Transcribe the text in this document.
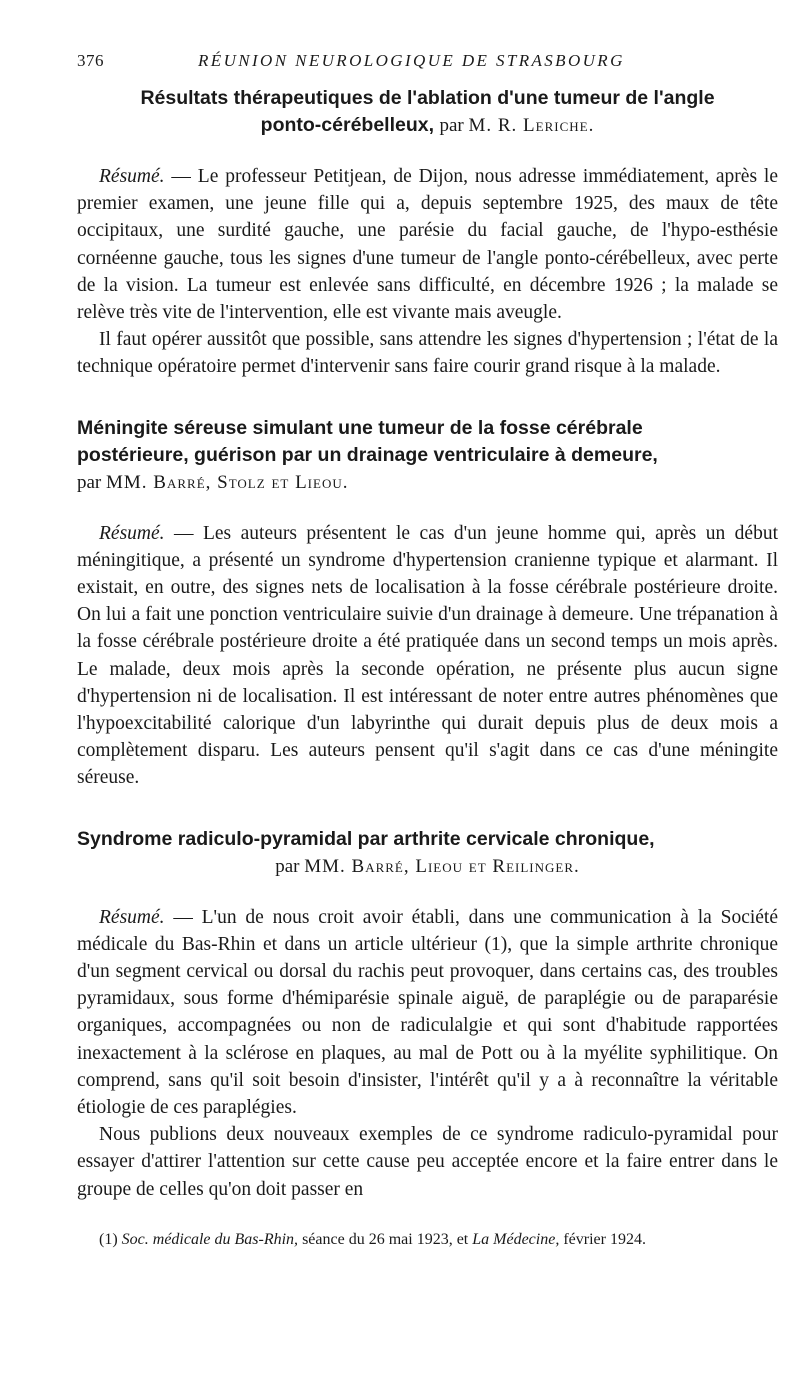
376	RÉUNION NEUROLOGIQUE DE STRASBOURG
Résultats thérapeutiques de l'ablation d'une tumeur de l'angle
ponto-cérébelleux, par M. R. Leriche.

Résumé. — Le professeur Petitjean, de Dijon, nous adresse immédiatement, après le premier examen, une jeune fille qui a, depuis septembre 1925, des maux de tête occipitaux, une surdité gauche, une parésie du facial gauche, de l'hypo-esthésie cornéenne gauche, tous les signes d'une tumeur de l'angle ponto-cérébelleux, avec perte de la vision. La tumeur est enlevée sans difficulté, en décembre 1926 ; la malade se relève très vite de l'intervention, elle est vivante mais aveugle.

Il faut opérer aussitôt que possible, sans attendre les signes d'hypertension ; l'état de la technique opératoire permet d'intervenir sans faire courir grand risque à la malade.

Méningite séreuse simulant une tumeur de la fosse cérébrale
postérieure, guérison par un drainage ventriculaire à demeure,
par MM. Barré, Stolz et Lieou.

Résumé. — Les auteurs présentent le cas d'un jeune homme qui, après un début méningitique, a présenté un syndrome d'hypertension cranienne typique et alarmant. Il existait, en outre, des signes nets de localisation à la fosse cérébrale postérieure droite. On lui a fait une ponction ventriculaire suivie d'un drainage à demeure. Une trépanation à la fosse cérébrale postérieure droite a été pratiquée dans un second temps un mois après. Le malade, deux mois après la seconde opération, ne présente plus aucun signe d'hypertension ni de localisation. Il est intéressant de noter entre autres phénomènes que l'hypoexcitabilité calorique d'un labyrinthe qui durait depuis plus de deux mois a complètement disparu. Les auteurs pensent qu'il s'agit dans ce cas d'une méningite séreuse.

Syndrome radiculo-pyramidal par arthrite cervicale chronique,

par MM. Barré, Lieou et Reilinger.

Résumé. — L'un de nous croit avoir établi, dans une communication à la Société médicale du Bas-Rhin et dans un article ultérieur (1), que la simple arthrite chronique d'un segment cervical ou dorsal du rachis peut provoquer, dans certains cas, des troubles pyramidaux, sous forme d'hémiparésie spinale aiguë, de paraplégie ou de paraparésie organiques, accompagnées ou non de radiculalgie et qui sont d'habitude rapportées inexactement à la sclérose en plaques, au mal de Pott ou à la myélite syphilitique. On comprend, sans qu'il soit besoin d'insister, l'intérêt qu'il y a à reconnaître la véritable étiologie de ces paraplégies.

Nous publions deux nouveaux exemples de ce syndrome radiculo-pyramidal pour essayer d'attirer l'attention sur cette cause peu acceptée encore et la faire entrer dans le groupe de celles qu'on doit passer en

(1) Soc. médicale du Bas-Rhin, séance du 26 mai 1923, et La Médecine, février 1924.
